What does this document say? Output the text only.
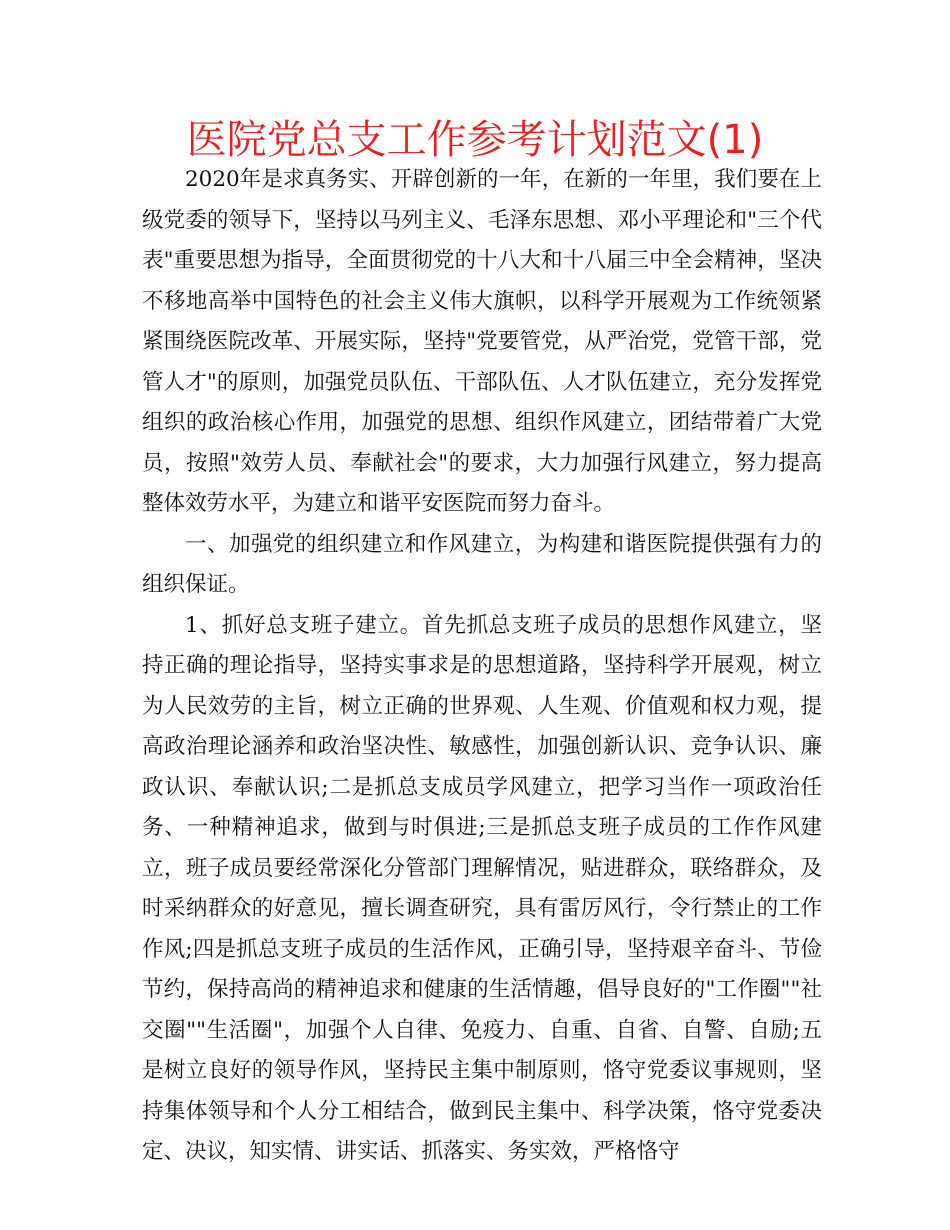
医院党总支工作参考计划范文(1)

2020年是求真务实、开辟创新的一年，在新的一年里，我们要在上级党委的领导下，坚持以马列主义、毛泽东思想、邓小平理论和"三个代表"重要思想为指导，全面贯彻党的十八大和十八届三中全会精神，坚决不移地高举中国特色的社会主义伟大旗帜，以科学开展观为工作统领紧紧围绕医院改革、开展实际，坚持"党要管党，从严治党，党管干部，党管人才"的原则，加强党员队伍、干部队伍、人才队伍建立，充分发挥党组织的政治核心作用，加强党的思想、组织作风建立，团结带着广大党员，按照"效劳人员、奉献社会"的要求，大力加强行风建立，努力提高整体效劳水平，为建立和谐平安医院而努力奋斗。

一、加强党的组织建立和作风建立，为构建和谐医院提供强有力的组织保证。

1、抓好总支班子建立。首先抓总支班子成员的思想作风建立，坚持正确的理论指导，坚持实事求是的思想道路，坚持科学开展观，树立为人民效劳的主旨，树立正确的世界观、人生观、价值观和权力观，提高政治理论涵养和政治坚决性、敏感性，加强创新认识、竞争认识、廉政认识、奉献认识;二是抓总支成员学风建立，把学习当作一项政治任务、一种精神追求，做到与时俱进;三是抓总支班子成员的工作作风建立，班子成员要经常深化分管部门理解情况，贴进群众，联络群众，及时采纳群众的好意见，擅长调查研究，具有雷厉风行，令行禁止的工作作风;四是抓总支班子成员的生活作风，正确引导，坚持艰辛奋斗、节俭节约，保持高尚的精神追求和健康的生活情趣，倡导良好的"工作圈""社交圈""生活圈"，加强个人自律、免疫力、自重、自省、自警、自励;五是树立良好的领导作风，坚持民主集中制原则，恪守党委议事规则，坚持集体领导和个人分工相结合，做到民主集中、科学决策，恪守党委决定、决议，知实情、讲实话、抓落实、务实效，严格恪守
